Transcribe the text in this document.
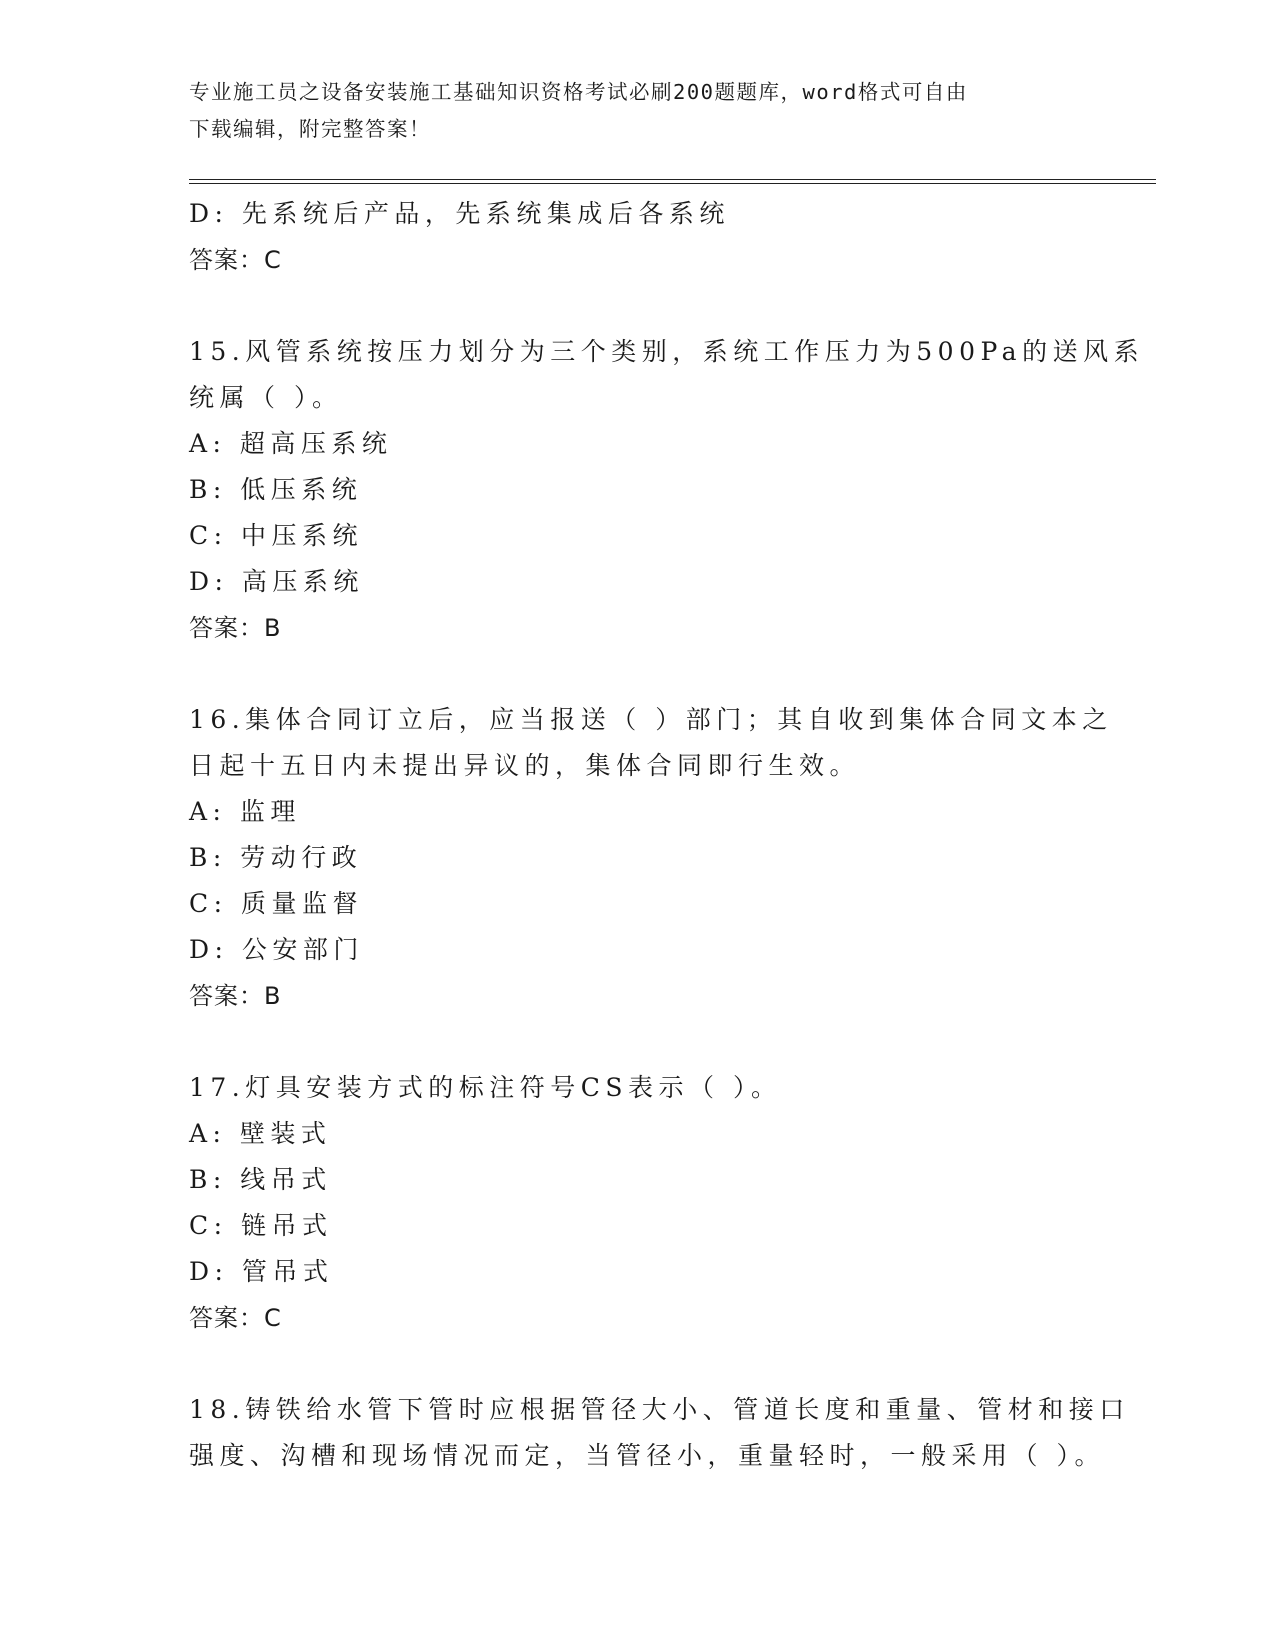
专业施工员之设备安装施工基础知识资格考试必刷200题题库，word格式可自由
下载编辑，附完整答案！
D: 先系统后产品，先系统集成后各系统
答案：C
15.风管系统按压力划分为三个类别，系统工作压力为500Pa的送风系
统属（ ）。
A: 超高压系统
B: 低压系统
C: 中压系统
D: 高压系统
答案：B
16.集体合同订立后，应当报送（ ）部门；其自收到集体合同文本之
日起十五日内未提出异议的，集体合同即行生效。
A: 监理
B: 劳动行政
C: 质量监督
D: 公安部门
答案：B
17.灯具安装方式的标注符号CS表示（ ）。
A: 壁装式
B: 线吊式
C: 链吊式
D: 管吊式
答案：C
18.铸铁给水管下管时应根据管径大小、管道长度和重量、管材和接口
强度、沟槽和现场情况而定，当管径小，重量轻时，一般采用（ ）。
